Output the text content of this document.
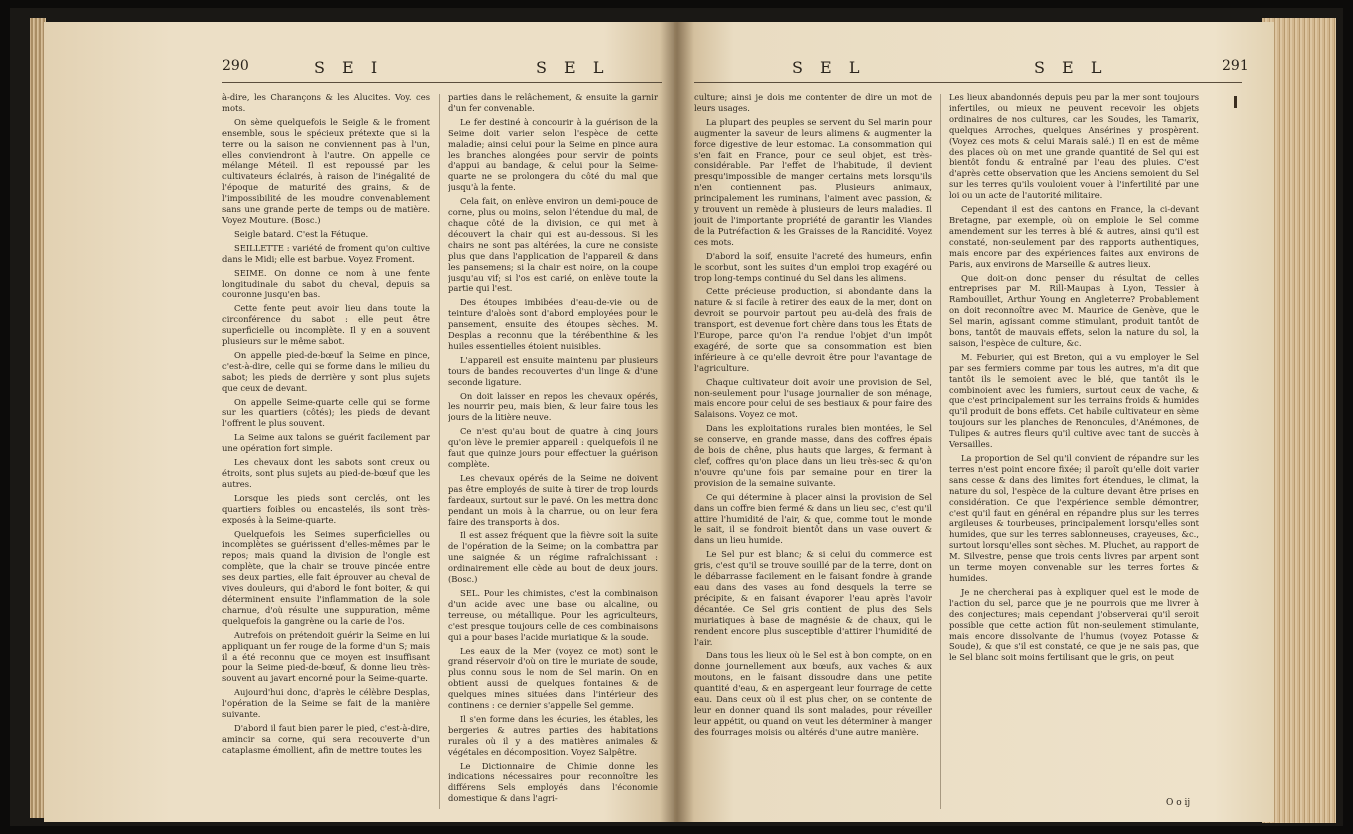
290	S E I	S E L

à-dire, les Charançons & les Alucites. Voy. ces mots.

On sème quelquefois le Seigle & le froment ensemble, sous le spécieux prétexte que si la terre ou la saison ne conviennent pas à l'un, elles conviendront à l'autre. On appelle ce mélange Méteil. Il est repoussé par les cultivateurs éclairés, à raison de l'inégalité de l'époque de maturité des grains, & de l'impossibilité de les moudre convenablement sans une grande perte de temps ou de matière. Voyez Mouture. (Bosc.)

Seigle batard. C'est la Fétuque.

SEILLETTE : variété de froment qu'on cultive dans le Midi; elle est barbue. Voyez Froment.

SEIME. On donne ce nom à une fente longitudinale du sabot du cheval, depuis sa couronne jusqu'en bas.

Cette fente peut avoir lieu dans toute la circonférence du sabot : elle peut être superficielle ou incomplète. Il y en a souvent plusieurs sur le même sabot.

On appelle pied-de-bœuf la Seime en pince, c'est-à-dire, celle qui se forme dans le milieu du sabot; les pieds de derrière y sont plus sujets que ceux de devant.

On appelle Seime-quarte celle qui se forme sur les quartiers (côtés); les pieds de devant l'offrent le plus souvent.

La Seime aux talons se guérit facilement par une opération fort simple.

Les chevaux dont les sabots sont creux ou étroits, sont plus sujets au pied-de-bœuf que les autres.

Lorsque les pieds sont cerclés, ont les quartiers foibles ou encastelés, ils sont très-exposés à la Seime-quarte.

Quelquefois les Seimes superficielles ou incomplètes se guérissent d'elles-mêmes par le repos; mais quand la division de l'ongle est complète, que la chair se trouve pincée entre ses deux parties, elle fait éprouver au cheval de vives douleurs, qui d'abord le font boiter, & qui déterminent ensuite l'inflammation de la sole charnue, d'où résulte une suppuration, même quelquefois la gangrène ou la carie de l'os.

Autrefois on prétendoit guérir la Seime en lui appliquant un fer rouge de la forme d'un S; mais il a été reconnu que ce moyen est insuffisant pour la Seime pied-de-bœuf, & donne lieu très-souvent au javart encorné pour la Seime-quarte.

Aujourd'hui donc, d'après le célèbre Desplas, l'opération de la Seime se fait de la manière suivante.

D'abord il faut bien parer le pied, c'est-à-dire, amincir sa corne, qui sera recouverte d'un cataplasme émollient, afin de mettre toutes les

parties dans le relâchement, & ensuite la garnir d'un fer convenable.

Le fer destiné à concourir à la guérison de la Seime doit varier selon l'espèce de cette maladie; ainsi celui pour la Seime en pince aura les branches alongées pour servir de points d'appui au bandage, & celui pour la Seime-quarte ne se prolongera du côté du mal que jusqu'à la fente.

Cela fait, on enlève environ un demi-pouce de corne, plus ou moins, selon l'étendue du mal, de chaque côté de la division, ce qui met à découvert la chair qui est au-dessous. Si les chairs ne sont pas altérées, la cure ne consiste plus que dans l'application de l'appareil & dans les pansemens; si la chair est noire, on la coupe jusqu'au vif; si l'os est carié, on enlève toute la partie qui l'est.

Des étoupes imbibées d'eau-de-vie ou de teinture d'aloès sont d'abord employées pour le pansement, ensuite des étoupes sèches. M. Desplas a reconnu que la térébenthine & les huiles essentielles étoient nuisibles.

L'appareil est ensuite maintenu par plusieurs tours de bandes recouvertes d'un linge & d'une seconde ligature.

On doit laisser en repos les chevaux opérés, les nourrir peu, mais bien, & leur faire tous les jours de la litière neuve.

Ce n'est qu'au bout de quatre à cinq jours qu'on lève le premier appareil : quelquefois il ne faut que quinze jours pour effectuer la guérison complète.

Les chevaux opérés de la Seime ne doivent pas être employés de suite à tirer de trop lourds fardeaux, surtout sur le pavé. On les mettra donc pendant un mois à la charrue, ou on leur fera faire des transports à dos.

Il est assez fréquent que la fièvre soit la suite de l'opération de la Seime; on la combattra par une saignée & un régime rafraîchissant : ordinairement elle cède au bout de deux jours. (Bosc.)

SEL. Pour les chimistes, c'est la combinaison d'un acide avec une base ou alcaline, ou terreuse, ou métallique. Pour les agriculteurs, c'est presque toujours celle de ces combinaisons qui a pour bases l'acide muriatique & la soude.

Les eaux de la Mer (voyez ce mot) sont le grand réservoir d'où on tire le muriate de soude, plus connu sous le nom de Sel marin. On en obtient aussi de quelques fontaines & de quelques mines situées dans l'intérieur des continens : ce dernier s'appelle Sel gemme.

Il s'en forme dans les écuries, les étables, les bergeries & autres parties des habitations rurales où il y a des matières animales & végétales en décomposition. Voyez Salpêtre.

Le Dictionnaire de Chimie donne les indications nécessaires pour reconnoître les différens Sels employés dans l'économie domestique & dans l'agri-

S E L	S E L	291

culture; ainsi je dois me contenter de dire un mot de leurs usages.

La plupart des peuples se servent du Sel marin pour augmenter la saveur de leurs alimens & augmenter la force digestive de leur estomac. La consommation qui s'en fait en France, pour ce seul objet, est très-considérable. Par l'effet de l'habitude, il devient presqu'impossible de manger certains mets lorsqu'ils n'en contiennent pas. Plusieurs animaux, principalement les ruminans, l'aiment avec passion, & y trouvent un remède à plusieurs de leurs maladies. Il jouit de l'importante propriété de garantir les Viandes de la Putréfaction & les Graisses de la Rancidité. Voyez ces mots.

D'abord la soif, ensuite l'acreté des humeurs, enfin le scorbut, sont les suites d'un emploi trop exagéré ou trop long-temps continué du Sel dans les alimens.

Cette précieuse production, si abondante dans la nature & si facile à retirer des eaux de la mer, dont on devroit se pourvoir partout peu au-delà des frais de transport, est devenue fort chère dans tous les États de l'Europe, parce qu'on l'a rendue l'objet d'un impôt exagéré, de sorte que sa consommation est bien inférieure à ce qu'elle devroit être pour l'avantage de l'agriculture.

Chaque cultivateur doit avoir une provision de Sel, non-seulement pour l'usage journalier de son ménage, mais encore pour celui de ses bestiaux & pour faire des Salaisons. Voyez ce mot.

Dans les exploitations rurales bien montées, le Sel se conserve, en grande masse, dans des coffres épais de bois de chêne, plus hauts que larges, & fermant à clef, coffres qu'on place dans un lieu très-sec & qu'on n'ouvre qu'une fois par semaine pour en tirer la provision de la semaine suivante.

Ce qui détermine à placer ainsi la provision de Sel dans un coffre bien fermé & dans un lieu sec, c'est qu'il attire l'humidité de l'air, & que, comme tout le monde le sait, il se fondroit bientôt dans un vase ouvert & dans un lieu humide.

Le Sel pur est blanc; & si celui du commerce est gris, c'est qu'il se trouve souillé par de la terre, dont on le débarrasse facilement en le faisant fondre à grande eau dans des vases au fond desquels la terre se précipite, & en faisant évaporer l'eau après l'avoir décantée. Ce Sel gris contient de plus des Sels muriatiques à base de magnésie & de chaux, qui le rendent encore plus susceptible d'attirer l'humidité de l'air.

Dans tous les lieux où le Sel est à bon compte, on en donne journellement aux bœufs, aux vaches & aux moutons, en le faisant dissoudre dans une petite quantité d'eau, & en aspergeant leur fourrage de cette eau. Dans ceux où il est plus cher, on se contente de leur en donner quand ils sont malades, pour réveiller leur appétit, ou quand on veut les déterminer à manger des fourrages moisis ou altérés d'une autre manière.

Les lieux abandonnés depuis peu par la mer sont toujours infertiles, ou mieux ne peuvent recevoir les objets ordinaires de nos cultures, car les Soudes, les Tamarix, quelques Arroches, quelques Ansérines y prospèrent. (Voyez ces mots & celui Marais salé.) Il en est de même des places où on met une grande quantité de Sel qui est bientôt fondu & entraîné par l'eau des pluies. C'est d'après cette observation que les Anciens semoient du Sel sur les terres qu'ils vouloient vouer à l'infertilité par une loi ou un acte de l'autorité militaire.

Cependant il est des cantons en France, la ci-devant Bretagne, par exemple, où on emploie le Sel comme amendement sur les terres à blé & autres, ainsi qu'il est constaté, non-seulement par des rapports authentiques, mais encore par des expériences faites aux environs de Paris, aux environs de Marseille & autres lieux.

Que doit-on donc penser du résultat de celles entreprises par M. Rill-Maupas à Lyon, Tessier à Rambouillet, Arthur Young en Angleterre? Probablement on doit reconnoître avec M. Maurice de Genève, que le Sel marin, agissant comme stimulant, produit tantôt de bons, tantôt de mauvais effets, selon la nature du sol, la saison, l'espèce de culture, &c.

M. Feburier, qui est Breton, qui a vu employer le Sel par ses fermiers comme par tous les autres, m'a dit que tantôt ils le semoient avec le blé, que tantôt ils le combinoient avec les fumiers, surtout ceux de vache, & que c'est principalement sur les terrains froids & humides qu'il produit de bons effets. Cet habile cultivateur en sème toujours sur les planches de Renoncules, d'Anémones, de Tulipes & autres fleurs qu'il cultive avec tant de succès à Versailles.

La proportion de Sel qu'il convient de répandre sur les terres n'est point encore fixée; il paroît qu'elle doit varier sans cesse & dans des limites fort étendues, le climat, la nature du sol, l'espèce de la culture devant être prises en considération. Ce que l'expérience semble démontrer, c'est qu'il faut en général en répandre plus sur les terres argileuses & tourbeuses, principalement lorsqu'elles sont humides, que sur les terres sablonneuses, crayeuses, &c., surtout lorsqu'elles sont sèches. M. Pluchet, au rapport de M. Silvestre, pense que trois cents livres par arpent sont un terme moyen convenable sur les terres fortes & humides.

Je ne chercherai pas à expliquer quel est le mode de l'action du sel, parce que je ne pourrois que me livrer à des conjectures; mais cependant j'observerai qu'il seroit possible que cette action fût non-seulement stimulante, mais encore dissolvante de l'humus (voyez Potasse & Soude), & que s'il est constaté, ce que je ne sais pas, que le Sel blanc soit moins fertilisant que le gris, on peut

O o ij
